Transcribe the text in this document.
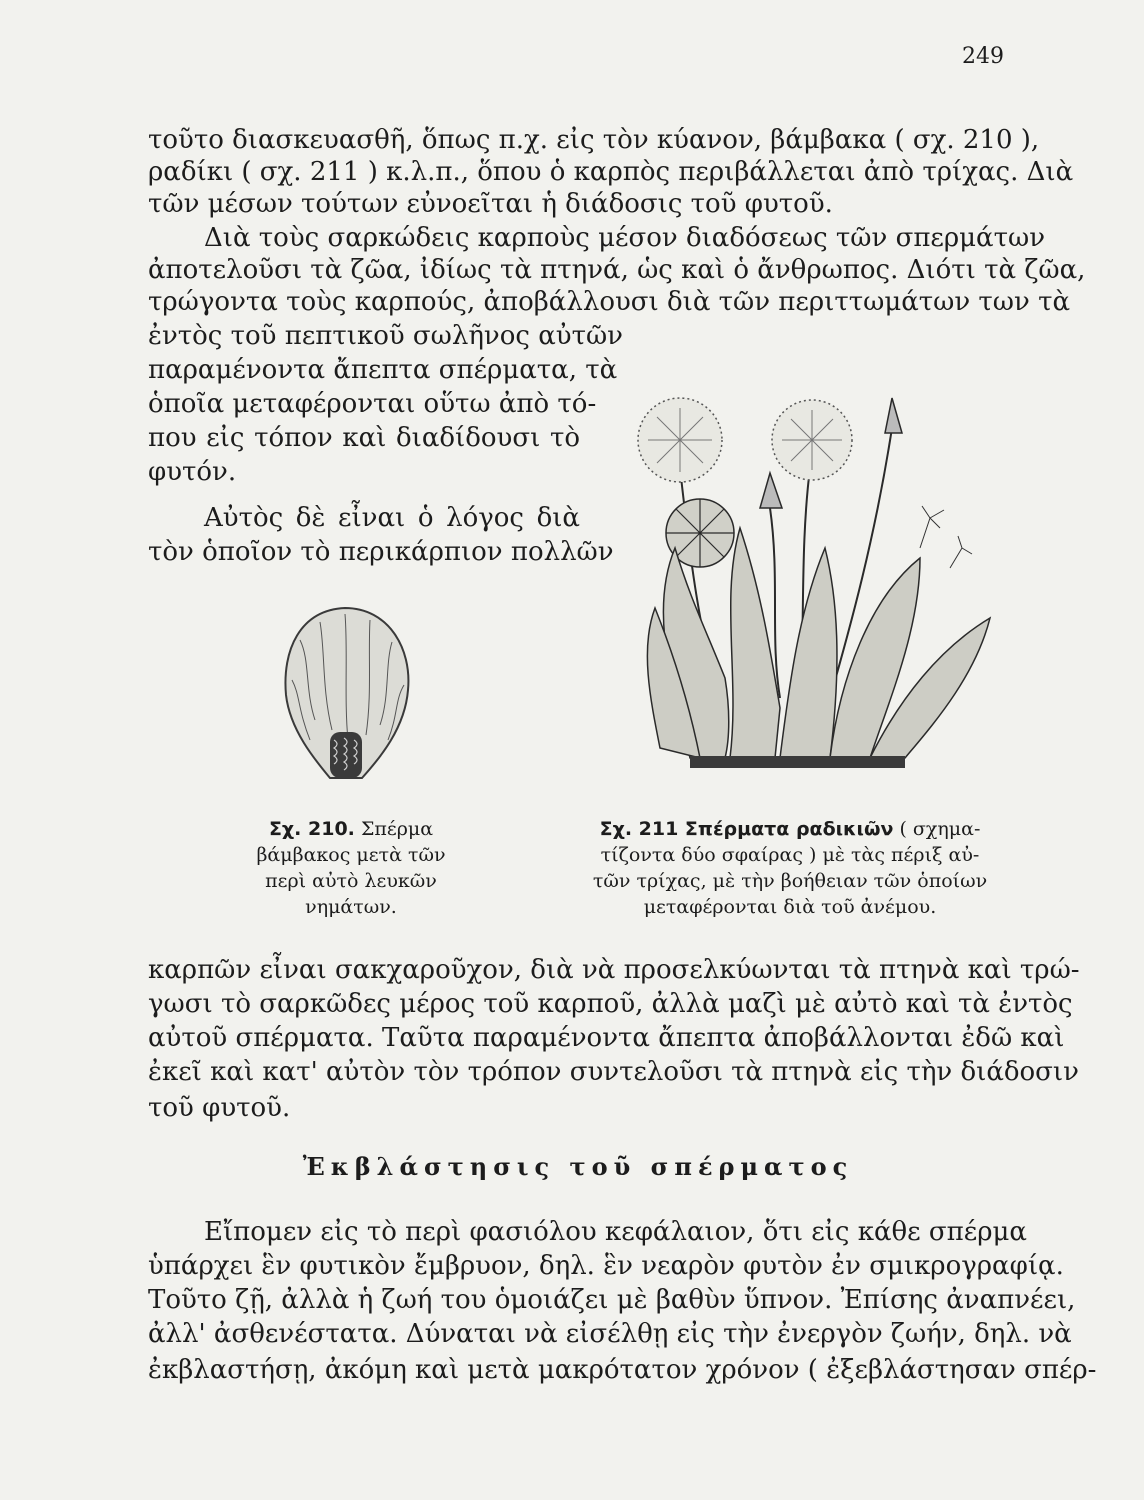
249

τοῦτο διασκευασθῆ, ὅπως π.χ. εἰς τὸν κύανον, βάμβακα ( σχ. 210 ),

ραδίκι ( σχ. 211 ) κ.λ.π., ὅπου ὁ καρπὸς περιβάλλεται ἀπὸ τρίχας. Διὰ

τῶν μέσων τούτων εὐνοεῖται ἡ διάδοσις τοῦ φυτοῦ.

Διὰ τοὺς σαρκώδεις καρποὺς μέσον διαδόσεως τῶν σπερμάτων

ἀποτελοῦσι τὰ ζῶα, ἰδίως τὰ πτηνά, ὡς καὶ ὁ ἄνθρωπος. Διότι τὰ ζῶα,

τρώγοντα τοὺς καρπούς, ἀποβάλλουσι διὰ τῶν περιττωμάτων των τὰ

ἐντὸς τοῦ πεπτικοῦ σωλῆνος αὐτῶν

παραμένοντα ἄπεπτα σπέρματα, τὰ

ὁποῖα μεταφέρονται οὕτω ἀπὸ τό-

που εἰς τόπον καὶ διαδίδουσι τὸ

φυτόν.

Αὐτὸς δὲ εἶναι ὁ λόγος διὰ

τὸν ὁποῖον τὸ περικάρπιον πολλῶν

Σχ. 210. Σπέρμα
βάμβακος μετὰ τῶν
περὶ αὐτὸ λευκῶν
νημάτων.

Σχ. 211 Σπέρματα ραδικιῶν ( σχημα-
τίζοντα δύο σφαίρας ) μὲ τὰς πέριξ αὐ-
τῶν τρίχας, μὲ τὴν βοήθειαν τῶν ὁποίων
μεταφέρονται διὰ τοῦ ἀνέμου.

καρπῶν εἶναι σακχαροῦχον, διὰ νὰ προσελκύωνται τὰ πτηνὰ καὶ τρώ-

γωσι τὸ σαρκῶδες μέρος τοῦ καρποῦ, ἀλλὰ μαζὶ μὲ αὐτὸ καὶ τὰ ἐντὸς

αὐτοῦ σπέρματα. Ταῦτα παραμένοντα ἄπεπτα ἀποβάλλονται ἐδῶ καὶ

ἐκεῖ καὶ κατ' αὐτὸν τὸν τρόπον συντελοῦσι τὰ πτηνὰ εἰς τὴν διάδοσιν

τοῦ φυτοῦ.

Ἐκβλάστησις τοῦ σπέρματος

Εἴπομεν εἰς τὸ περὶ φασιόλου κεφάλαιον, ὅτι εἰς κάθε σπέρμα

ὑπάρχει ἓν φυτικὸν ἔμβρυον, δηλ. ἓν νεαρὸν φυτὸν ἐν σμικρογραφίᾳ.

Τοῦτο ζῇ, ἀλλὰ ἡ ζωή του ὁμοιάζει μὲ βαθὺν ὕπνον. Ἐπίσης ἀναπνέει,

ἀλλ' ἀσθενέστατα. Δύναται νὰ εἰσέλθῃ εἰς τὴν ἐνεργὸν ζωήν, δηλ. νὰ

ἐκβλαστήσῃ, ἀκόμη καὶ μετὰ μακρότατον χρόνον ( ἐξεβλάστησαν σπέρ-
